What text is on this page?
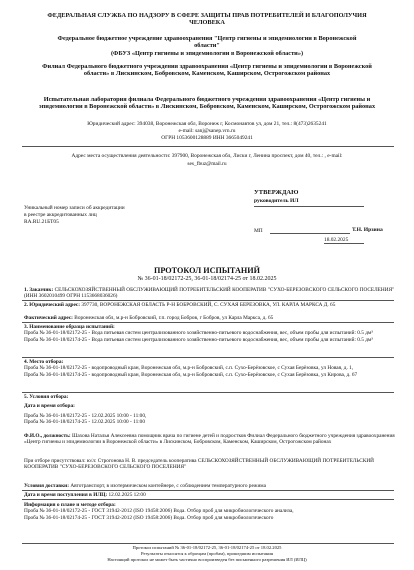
ФЕДЕРАЛЬНАЯ СЛУЖБА ПО НАДЗОРУ В СФЕРЕ ЗАЩИТЫ ПРАВ ПОТРЕБИТЕЛЕЙ И БЛАГОПОЛУЧИЯ ЧЕЛОВЕКА
Федеральное бюджетное учреждение здравоохранения "Центр гигиены и эпидемиологии в Воронежской области"
(ФБУЗ «Центр гигиены и эпидемиологии в Воронежской области»)
Филиал Федерального бюджетного учреждения здравоохранения «Центр гигиены и эпидемиологии в Воронежской области» в Лискинском, Бобровском, Каменском, Каширском, Острогожском районах
Испытательная лаборатория филиала Федерального бюджетного учреждения здравоохранения «Центр гигиены и эпидемиологии в Воронежской области» в Лискинском, Бобровском, Каменском, Каширском, Острогожском районах
Юридический адрес: 394038, Воронежская обл, Воронеж г, Космонавтов ул, дом 21, тел.: 8(473)2635241
e-mail: sanj@sanep.vrn.ru
ОГРН 1053600128889 ИНН 3665049241
Адрес места осуществления деятельности: 397900, Воронежская обл, Лиски г, Ленина проспект, дом 40, тел.: , e-mail:
ses_fbuz@mail.ru
Уникальный номер записи об аккредитации
в реестре аккредитованных лиц
RA.RU.21БТ05
УТВЕРЖДАЮ
руководитель ИЛ
МП	Т.Н. Ирзина
18.02.2025
ПРОТОКОЛ ИСПЫТАНИЙ
№ 36-01-18/02172-25, 36-01-18/02174-25 от 18.02.2025
1. Заказчик: СЕЛЬСКОХОЗЯЙСТВЕННЫЙ ОБСЛУЖИВАЮЩИЙ ПОТРЕБИТЕЛЬСКИЙ КООПЕРАТИВ "СУХО-БЕРЕЗОВСКОГО СЕЛЬСКОГО ПОСЕЛЕНИЯ" (ИНН 3602010499 ОГРН 1153668036026)
2. Юридический адрес: 397730, ВОРОНЕЖСКАЯ ОБЛАСТЬ Р-Н БОБРОВСКИЙ, С. СУХАЯ БЕРЕЗОВКА, УЛ. КАРЛА МАРКСА Д. 65
Фактический адрес: Воронежская обл, м.р-н Бобровский, г.п. город Бобров, г Бобров, ул Карла Маркса, д. 65
3. Наименование образца испытаний:
Проба № 36-01-18/02172-25 - Вода питьевая систем централизованного хозяйственно-питьевого водоснабжения, вес, объем пробы для испытаний: 0.5 дм³
Проба № 36-01-18/02174-25 - Вода питьевая систем централизованного хозяйственно-питьевого водоснабжения, вес, объем пробы для испытаний: 0.5 дм³
4. Место отбора:
Проба № 36-01-18/02172-25 - водопроводный кран, Воронежская обл, м.р-н Бобровский, с.п. Сухо-Берёзовское, с Сухая Берёзовка, ул Новая, д. 1,
Проба № 36-01-18/02174-25 - водопроводный кран, Воронежская обл, м.р-н Бобровский, с.п. Сухо-Берёзовское, с Сухая Берёзовка, ул Кирова, д. 67
5. Условия отбора:
Дата и время отбора:
Проба № 36-01-18/02172-25 - 12.02.2025 10:00 - 11:00,
Проба № 36-01-18/02174-25 - 12.02.2025 10:00 - 11:00
Ф.И.О., должность: Шахова Наталья Алексеевна помощник врача по гигиене детей и подростков Филиал Федерального бюджетного учреждения здравоохранения «Центр гигиены и эпидемиологии в Воронежской области» в Лискинском, Бобровском, Каменском, Каширском, Острогожском районах
При отборе присутствовал: ю/л: Строгонова Н. В. председатель кооператива СЕЛЬСКОХОЗЯЙСТВЕННЫЙ ОБСЛУЖИВАЮЩИЙ ПОТРЕБИТЕЛЬСКИЙ КООПЕРАТИВ "СУХО-БЕРЕЗОВСКОГО СЕЛЬСКОГО ПОСЕЛЕНИЯ"
Условия доставки: Автотранспорт, в изотермическом контейнере, с соблюдением температурного режима
Дата и время поступления в ИЛЦ: 12.02.2025 12:00
Информация о плане и методе отбора:
Проба № 36-01-18/02172-25 - ГОСТ 31942-2012 (ISO 19458:2006) Вода. Отбор проб для микробиологического анализа,
Проба № 36-01-18/02174-25 - ГОСТ 31942-2012 (ISO 19458:2006) Вода. Отбор проб для микробиологического
Протокол испытаний № 36-01-18/02172-25, 36-01-18/02174-25 от 18.02.2025
Результаты относятся к образцам (пробам), прошедшим испытания
Настоящий протокол не может быть частично воспроизведен без письменного разрешения ИЛ (ИЛЦ)
